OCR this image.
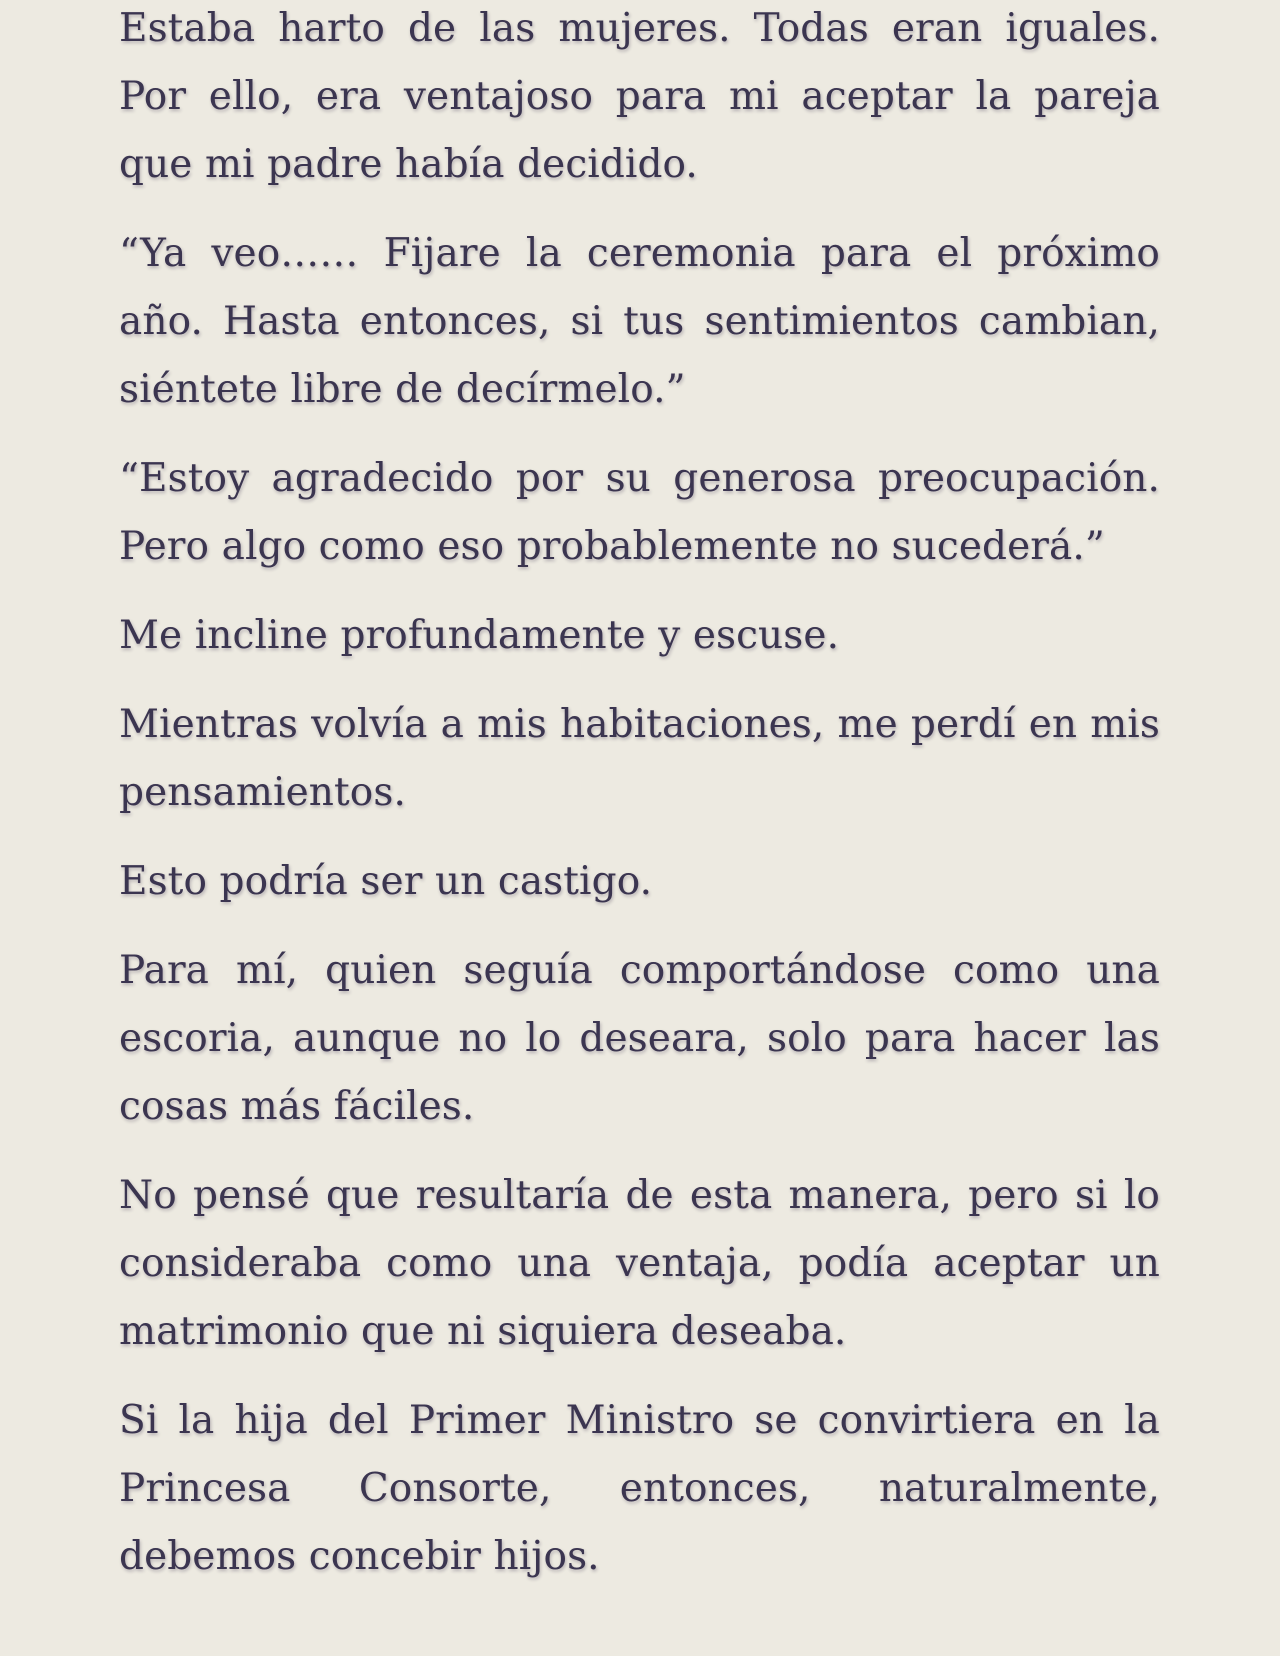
Estaba harto de las mujeres. Todas eran iguales. Por ello, era ventajoso para mi aceptar la pareja que mi padre había decidido.

“Ya veo…… Fijare la ceremonia para el próximo año. Hasta entonces, si tus sentimientos cambian, siéntete libre de decírmelo.”

“Estoy agradecido por su generosa preocupación. Pero algo como eso probablemente no sucederá.”

Me incline profundamente y escuse.

Mientras volvía a mis habitaciones, me perdí en mis pensamientos.

Esto podría ser un castigo.

Para mí, quien seguía comportándose como una escoria, aunque no lo deseara, solo para hacer las cosas más fáciles.

No pensé que resultaría de esta manera, pero si lo consideraba como una ventaja, podía aceptar un matrimonio que ni siquiera deseaba.

Si la hija del Primer Ministro se convirtiera en la Princesa Consorte, entonces, naturalmente, debemos concebir hijos.
